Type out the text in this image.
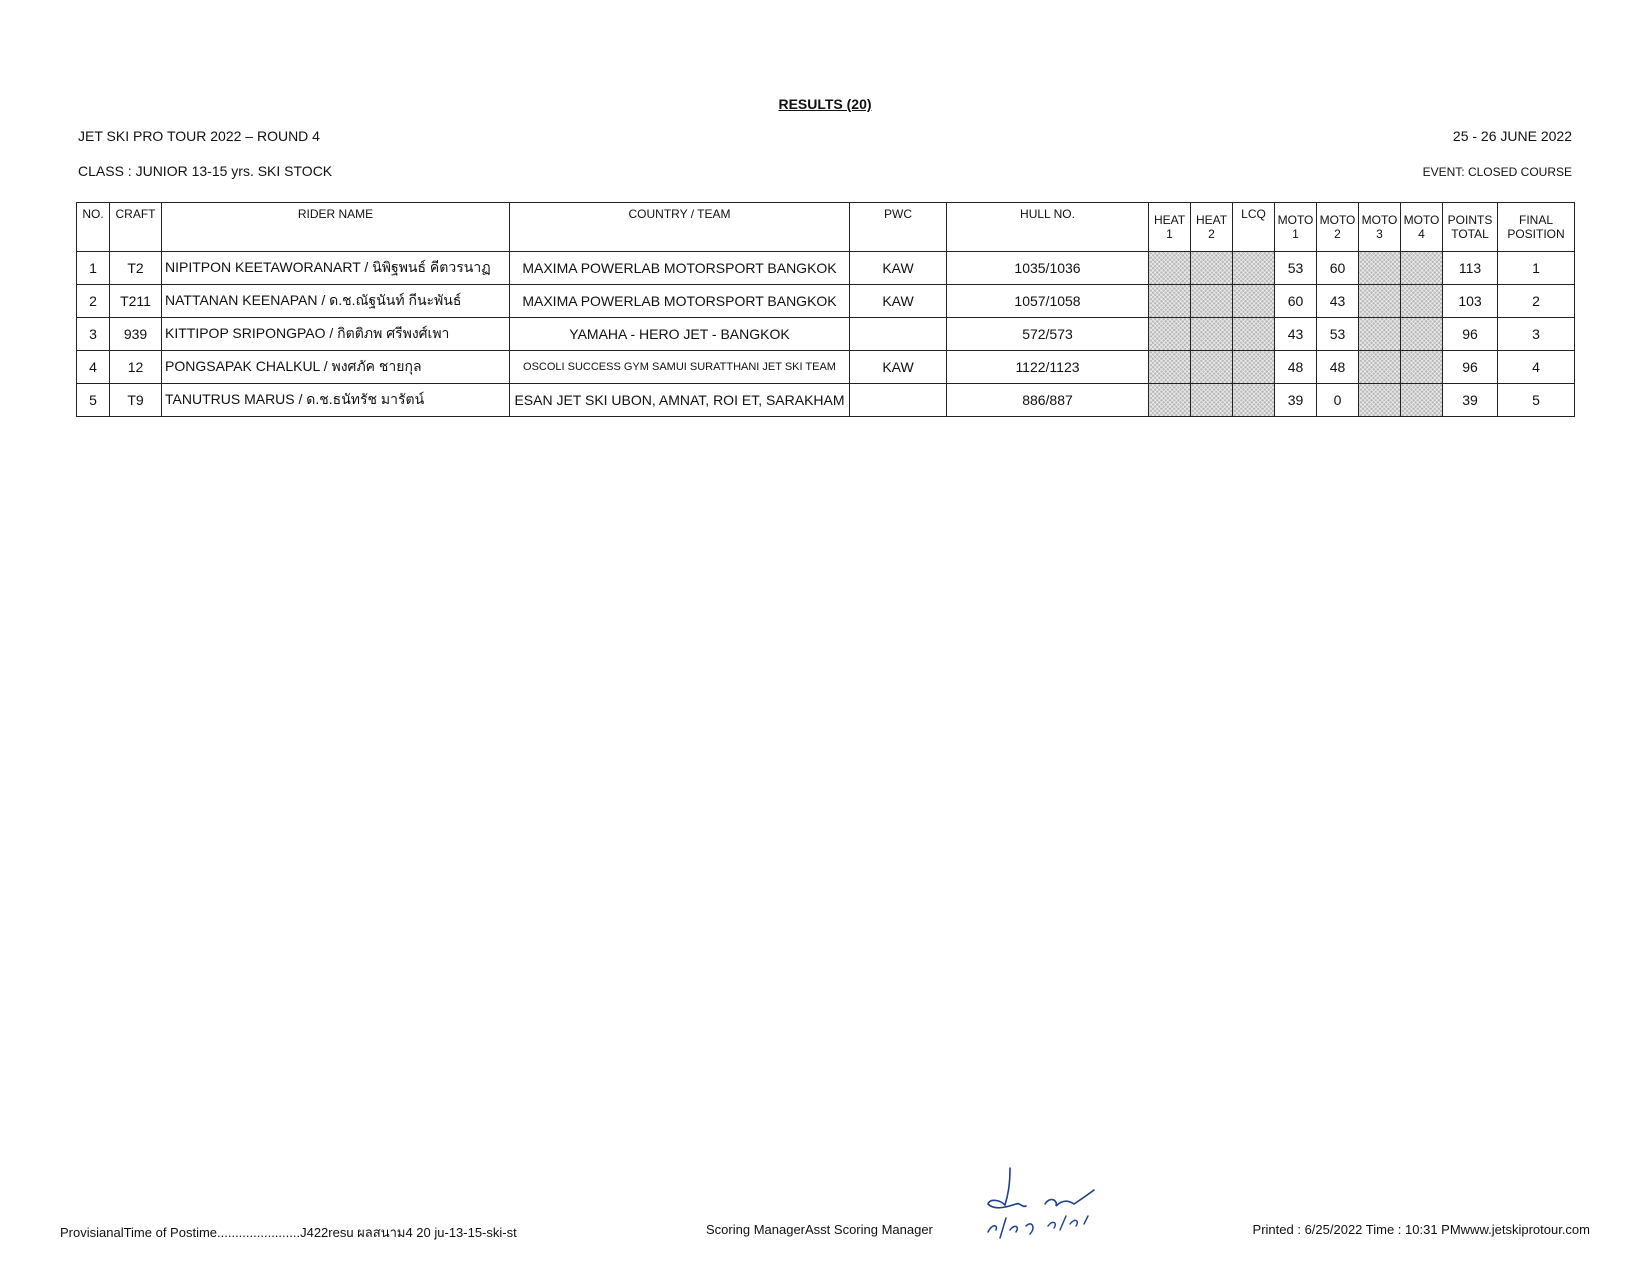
RESULTS (20)
JET SKI PRO TOUR 2022 – ROUND 4	25 - 26 JUNE 2022
CLASS : JUNIOR 13-15 yrs. SKI STOCK	EVENT: CLOSED COURSE
NO.	CRAFT	RIDER NAME	COUNTRY / TEAM	PWC	HULL NO.	HEAT	HEAT	LCQ	MOTO	MOTO	MOTO	MOTO	POINTS	FINAL
						1	2		1	2	3	4	TOTAL	POSITION
1	T2	NIPITPON KEETAWORANART / นิพิฐพนธ์ คีตวรนาฏ	MAXIMA POWERLAB MOTORSPORT BANGKOK	KAW	1035/1036				53	60			113	1
2	T211	NATTANAN KEENAPAN / ด.ช.ณัฐนันท์ กีนะพันธ์	MAXIMA POWERLAB MOTORSPORT BANGKOK	KAW	1057/1058				60	43			103	2
3	939	KITTIPOP SRIPONGPAO / กิตติภพ ศรีพงศ์เพา	YAMAHA - HERO JET - BANGKOK		572/573				43	53			96	3
4	12	PONGSAPAK CHALKUL / พงศภัค ชายกุล	OSCOLI SUCCESS GYM SAMUI SURATTHANI JET SKI TEAM	KAW	1122/1123				48	48			96	4
5	T9	TANUTRUS MARUS / ด.ช.ธนัทรัช มารัตน์	ESAN JET SKI UBON, AMNAT, ROI ET, SARAKHAM		886/887				39	0			39	5
ProvisianalTime of Postime.......................J422resu ผลสนาม4 20 ju-13-15-ski-st	Scoring ManagerAsst Scoring Manager	Printed : 6/25/2022 Time : 10:31 PMwww.jetskiprotour.com
